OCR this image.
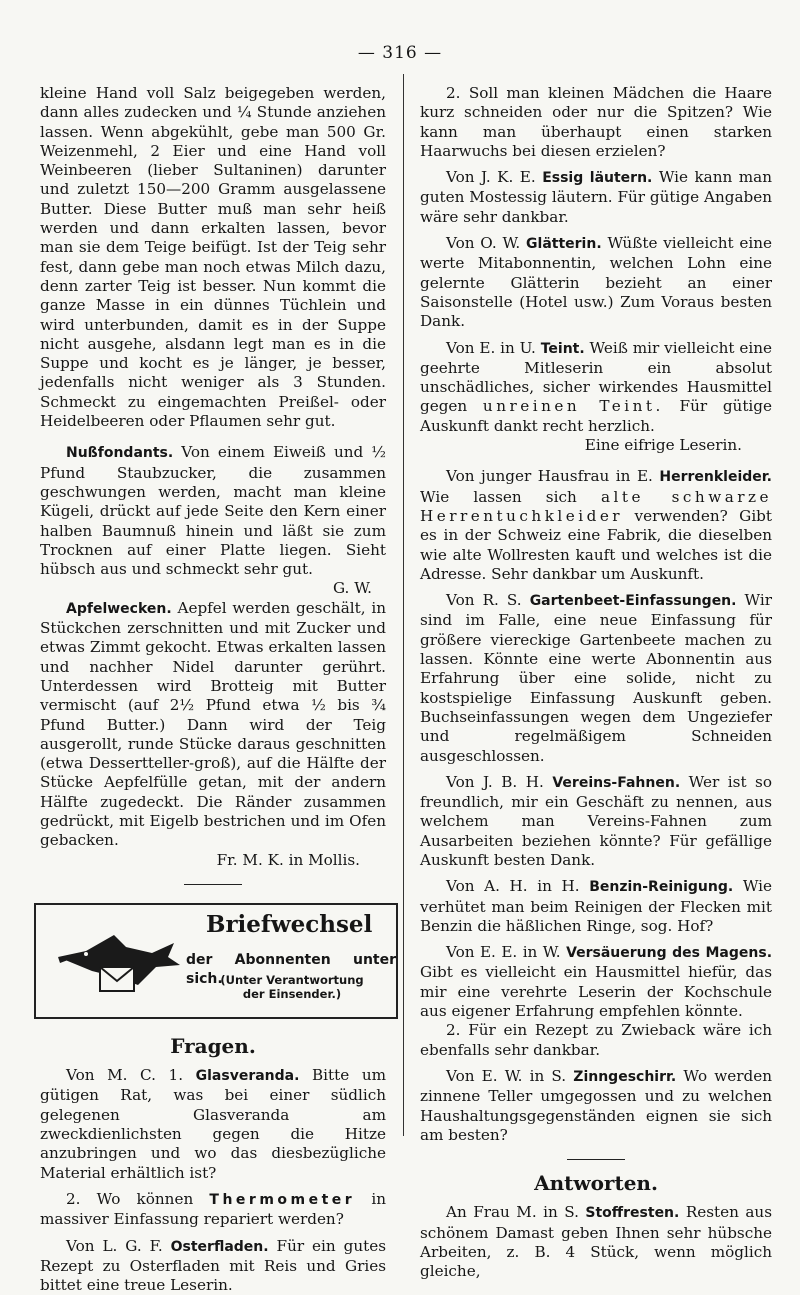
— 316 —

kleine Hand voll Salz beigegeben werden, dann alles zudecken und ¼ Stunde anziehen lassen. Wenn abgekühlt, gebe man 500 Gr. Weizenmehl, 2 Eier und eine Hand voll Weinbeeren (lieber Sultaninen) darunter und zuletzt 150—200 Gramm ausgelassene Butter. Diese Butter muß man sehr heiß werden und dann erkalten lassen, bevor man sie dem Teige beifügt. Ist der Teig sehr fest, dann gebe man noch etwas Milch dazu, denn zarter Teig ist besser. Nun kommt die ganze Masse in ein dünnes Tüchlein und wird unterbunden, damit es in der Suppe nicht ausgehe, alsdann legt man es in die Suppe und kocht es je länger, je besser, jedenfalls nicht weniger als 3 Stunden. Schmeckt zu eingemachten Preißel- oder Heidelbeeren oder Pflaumen sehr gut.

Nußfondants. Von einem Eiweiß und ½ Pfund Staubzucker, die zusammen geschwungen werden, macht man kleine Kügeli, drückt auf jede Seite den Kern einer halben Baumnuß hinein und läßt sie zum Trocknen auf einer Platte liegen. Sieht hübsch aus und schmeckt sehr gut.
G. W.

Apfelwecken. Aepfel werden geschält, in Stückchen zerschnitten und mit Zucker und etwas Zimmt gekocht. Etwas erkalten lassen und nachher Nidel darunter gerührt. Unterdessen wird Brotteig mit Butter vermischt (auf 2½ Pfund etwa ½ bis ¾ Pfund Butter.) Dann wird der Teig ausgerollt, runde Stücke daraus geschnitten (etwa Dessertteller-groß), auf die Hälfte der Stücke Aepfelfülle getan, mit der andern Hälfte zugedeckt. Die Ränder zusammen gedrückt, mit Eigelb bestrichen und im Ofen gebacken.

Fr. M. K. in Mollis.
Briefwechsel
der Abonnenten unter sich.
(Unter Verantwortung der Einsender.)
Fragen.

Von M. C. 1. Glasveranda. Bitte um gütigen Rat, was bei einer südlich gelegenen Glasveranda am zweckdienlichsten gegen die Hitze anzubringen und wo das diesbezügliche Material erhältlich ist?

2. Wo können Thermometer in massiver Einfassung repariert werden?

Von L. G. F. Osterfladen. Für ein gutes Rezept zu Osterfladen mit Reis und Gries bittet eine treue Leserin.

2. Soll man kleinen Mädchen die Haare kurz schneiden oder nur die Spitzen? Wie kann man überhaupt einen starken Haarwuchs bei diesen erzielen?

Von J. K. E. Essig läutern. Wie kann man guten Mostessig läutern. Für gütige Angaben wäre sehr dankbar.

Von O. W. Glätterin. Wüßte vielleicht eine werte Mitabonnentin, welchen Lohn eine gelernte Glätterin bezieht an einer Saisonstelle (Hotel usw.) Zum Voraus besten Dank.

Von E. in U. Teint. Weiß mir vielleicht eine geehrte Mitleserin ein absolut unschädliches, sicher wirkendes Hausmittel gegen unreinen Teint. Für gütige Auskunft dankt recht herzlich.

Eine eifrige Leserin.

Von junger Hausfrau in E. Herrenkleider. Wie lassen sich alte schwarze Herrentuchkleider verwenden? Gibt es in der Schweiz eine Fabrik, die dieselben wie alte Wollresten kauft und welches ist die Adresse. Sehr dankbar um Auskunft.

Von R. S. Gartenbeet-Einfassungen. Wir sind im Falle, eine neue Einfassung für größere viereckige Gartenbeete machen zu lassen. Könnte eine werte Abonnentin aus Erfahrung über eine solide, nicht zu kostspielige Einfassung Auskunft geben. Buchseinfassungen wegen dem Ungeziefer und regelmäßigem Schneiden ausgeschlossen.

Von J. B. H. Vereins-Fahnen. Wer ist so freundlich, mir ein Geschäft zu nennen, aus welchem man Vereins-Fahnen zum Ausarbeiten beziehen könnte? Für gefällige Auskunft besten Dank.

Von A. H. in H. Benzin-Reinigung. Wie verhütet man beim Reinigen der Flecken mit Benzin die häßlichen Ringe, sog. Hof?

Von E. E. in W. Versäuerung des Magens. Gibt es vielleicht ein Hausmittel hiefür, das mir eine verehrte Leserin der Kochschule aus eigener Erfahrung empfehlen könnte.

2. Für ein Rezept zu Zwieback wäre ich ebenfalls sehr dankbar.

Von E. W. in S. Zinngeschirr. Wo werden zinnene Teller umgegossen und zu welchen Haushaltungsgegenständen eignen sie sich am besten?

Antworten.

An Frau M. in S. Stoffresten. Resten aus schönem Damast geben Ihnen sehr hübsche Arbeiten, z. B. 4 Stück, wenn möglich gleiche,
